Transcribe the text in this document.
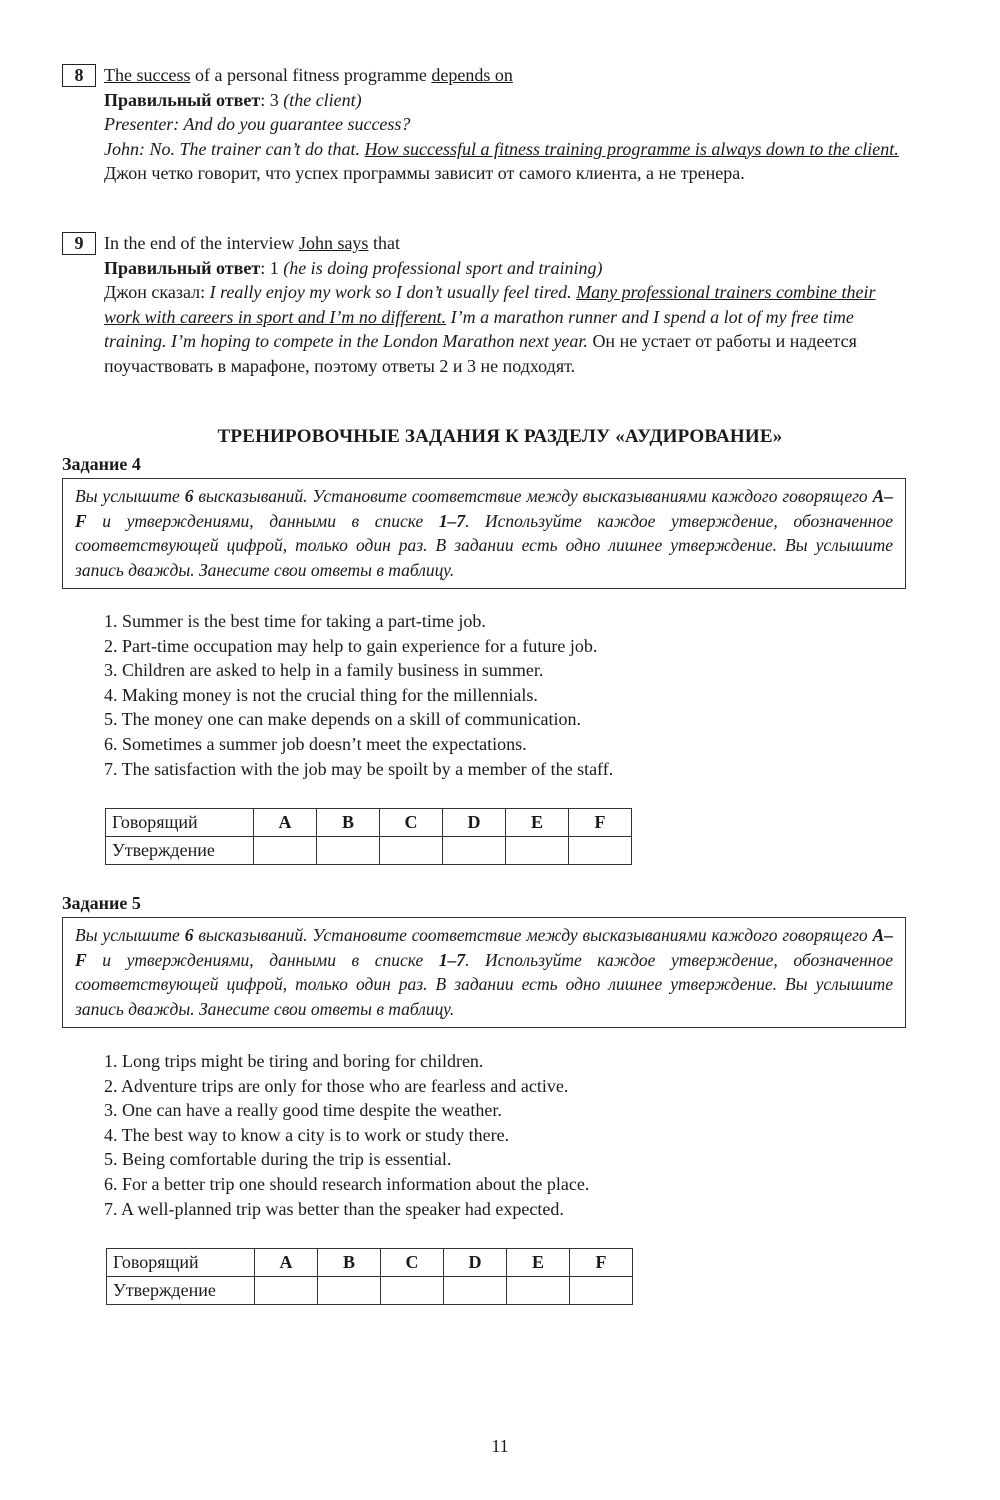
8	The success of a personal fitness programme depends on

Правильный ответ: 3 (the client)

Presenter: And do you guarantee success?

John: No. The trainer can’t do that. How successful a fitness training programme is always down to the client.

Джон четко говорит, что успех программы зависит от самого клиента, а не тренера.

9	In the end of the interview John says that

Правильный ответ: 1 (he is doing professional sport and training)

Джон сказал: I really enjoy my work so I don’t usually feel tired. Many professional trainers combine their work with careers in sport and I’m no different. I’m a marathon runner and I spend a lot of my free time training. I’m hoping to compete in the London Marathon next year. Он не устает от работы и надеется поучаствовать в марафоне, поэтому ответы 2 и 3 не подходят.

ТРЕНИРОВОЧНЫЕ ЗАДАНИЯ К РАЗДЕЛУ «АУДИРОВАНИЕ»
Задание 4
Вы услышите 6 высказываний. Установите соответствие между высказываниями каждого говорящего A–F и утверждениями, данными в списке 1–7. Используйте каждое утверждение, обозначенное соответствующей цифрой, только один раз. В задании есть одно лишнее утверждение. Вы услышите запись дважды. Занесите свои ответы в таблицу.
1. Summer is the best time for taking a part-time job.
2. Part-time occupation may help to gain experience for a future job.
3. Children are asked to help in a family business in summer.
4. Making money is not the crucial thing for the millennials.
5. The money one can make depends on a skill of communication.
6. Sometimes a summer job doesn’t meet the expectations.
7. The satisfaction with the job may be spoilt by a member of the staff.
Говорящий	A	B	C	D	E	F
Утверждение						
Задание 5
Вы услышите 6 высказываний. Установите соответствие между высказываниями каждого говорящего A–F и утверждениями, данными в списке 1–7. Используйте каждое утверждение, обозначенное соответствующей цифрой, только один раз. В задании есть одно лишнее утверждение. Вы услышите запись дважды. Занесите свои ответы в таблицу.
1. Long trips might be tiring and boring for children.
2. Adventure trips are only for those who are fearless and active.
3. One can have a really good time despite the weather.
4. The best way to know a city is to work or study there.
5. Being comfortable during the trip is essential.
6. For a better trip one should research information about the place.
7. A well-planned trip was better than the speaker had expected.
Говорящий	A	B	C	D	E	F
Утверждение						
11
